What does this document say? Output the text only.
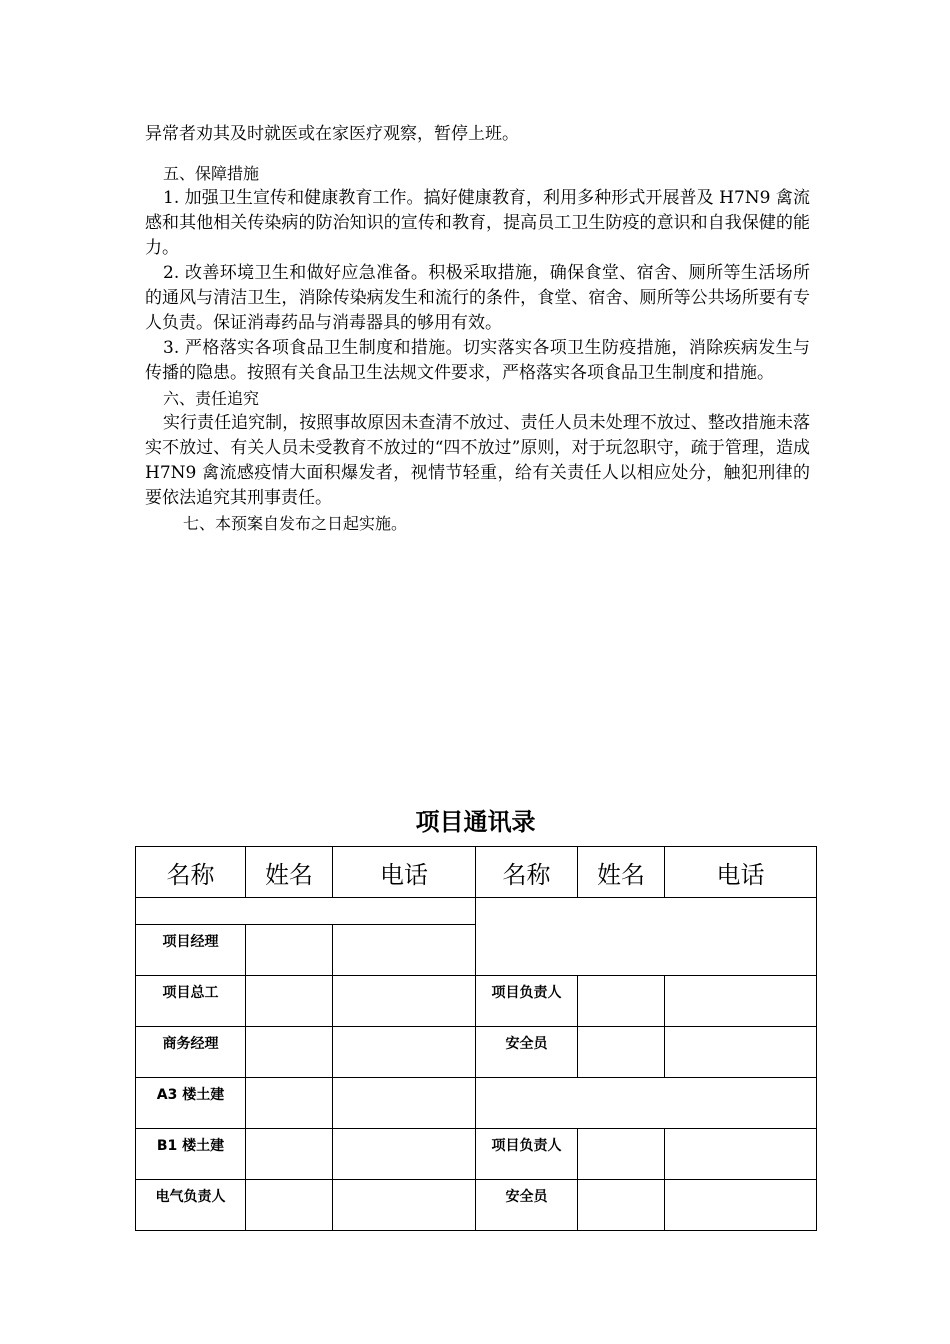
异常者劝其及时就医或在家医疗观察，暂停上班。

五、保障措施

1. 加强卫生宣传和健康教育工作。搞好健康教育，利用多种形式开展普及 H7N9 禽流感和其他相关传染病的防治知识的宣传和教育，提高员工卫生防疫的意识和自我保健的能力。

2. 改善环境卫生和做好应急准备。积极采取措施，确保食堂、宿舍、厕所等生活场所的通风与清洁卫生，消除传染病发生和流行的条件，食堂、宿舍、厕所等公共场所要有专人负责。保证消毒药品与消毒器具的够用有效。

3. 严格落实各项食品卫生制度和措施。切实落实各项卫生防疫措施，消除疾病发生与传播的隐患。按照有关食品卫生法规文件要求，严格落实各项食品卫生制度和措施。

六、责任追究

实行责任追究制，按照事故原因未查清不放过、责任人员未处理不放过、整改措施未落实不放过、有关人员未受教育不放过的“四不放过”原则，对于玩忽职守，疏于管理，造成 H7N9 禽流感疫情大面积爆发者，视情节轻重，给有关责任人以相应处分，触犯刑律的要依法追究其刑事责任。

七、本预案自发布之日起实施。

项目通讯录
名称	姓名	电话	名称	姓名	电话

项目经理					
项目总工			项目负责人		
商务经理			安全员		
A3 楼土建					
B1 楼土建			项目负责人		
电气负责人			安全员		
